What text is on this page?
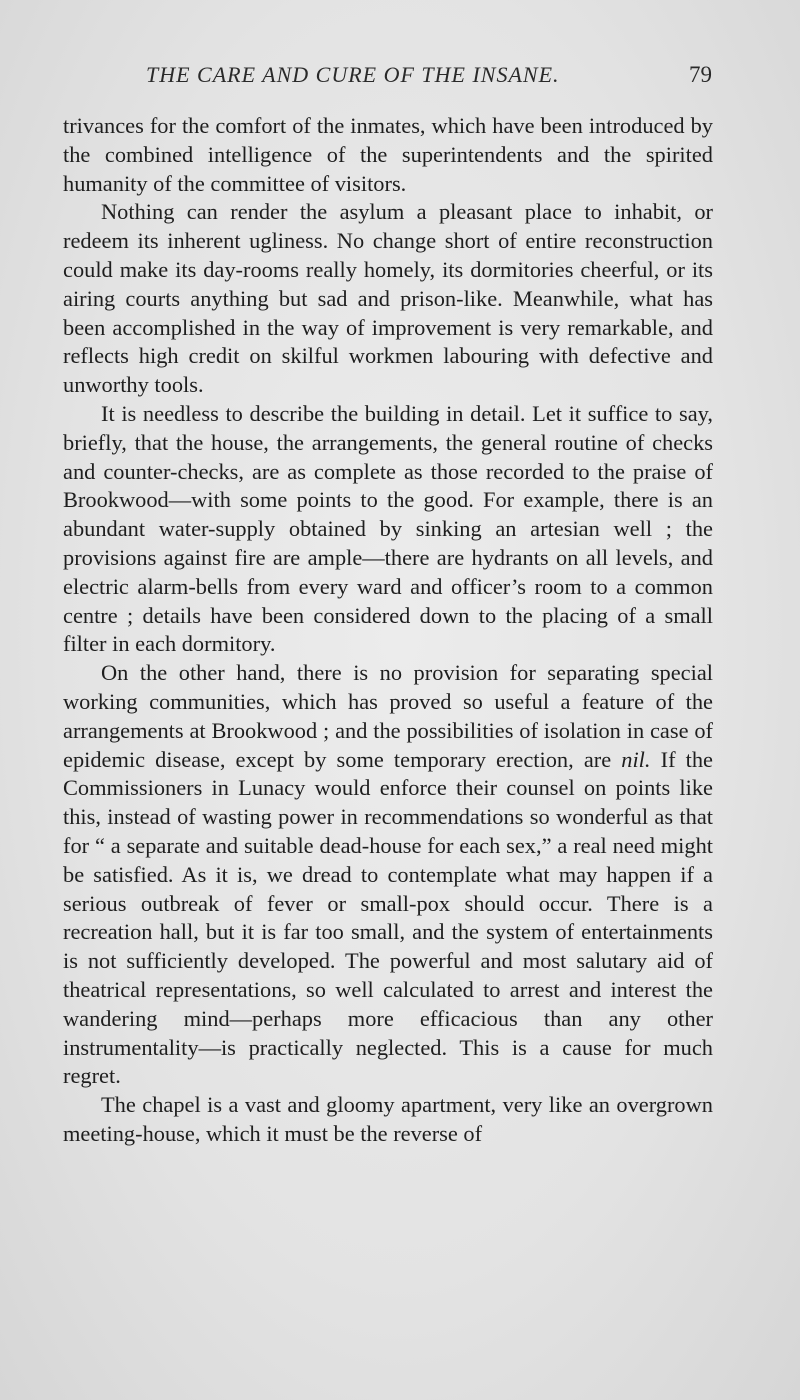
THE CARE AND CURE OF THE INSANE.	79

trivances for the comfort of the inmates, which have been introduced by the combined intelligence of the superintendents and the spirited humanity of the committee of visitors.

Nothing can render the asylum a pleasant place to inhabit, or redeem its inherent ugliness. No change short of entire reconstruction could make its day-rooms really homely, its dormitories cheerful, or its airing courts anything but sad and prison-like. Meanwhile, what has been accomplished in the way of improvement is very remarkable, and reflects high credit on skilful workmen labouring with defective and unworthy tools.

It is needless to describe the building in detail. Let it suffice to say, briefly, that the house, the arrangements, the general routine of checks and counter-checks, are as complete as those recorded to the praise of Brookwood—with some points to the good. For example, there is an abundant water-supply obtained by sinking an artesian well ; the provisions against fire are ample—there are hydrants on all levels, and electric alarm-bells from every ward and officer’s room to a common centre ; details have been considered down to the placing of a small filter in each dormitory.

On the other hand, there is no provision for separating special working communities, which has proved so useful a feature of the arrangements at Brookwood ; and the possibilities of isolation in case of epidemic disease, except by some temporary erection, are nil. If the Commissioners in Lunacy would enforce their counsel on points like this, instead of wasting power in recommendations so wonderful as that for “ a separate and suitable dead-house for each sex,” a real need might be satisfied. As it is, we dread to contemplate what may happen if a serious outbreak of fever or small-pox should occur. There is a recreation hall, but it is far too small, and the system of entertainments is not sufficiently developed. The powerful and most salutary aid of theatrical representations, so well calculated to arrest and interest the wandering mind—perhaps more efficacious than any other instrumentality—is practically neglected. This is a cause for much regret.

The chapel is a vast and gloomy apartment, very like an overgrown meeting-house, which it must be the reverse of
